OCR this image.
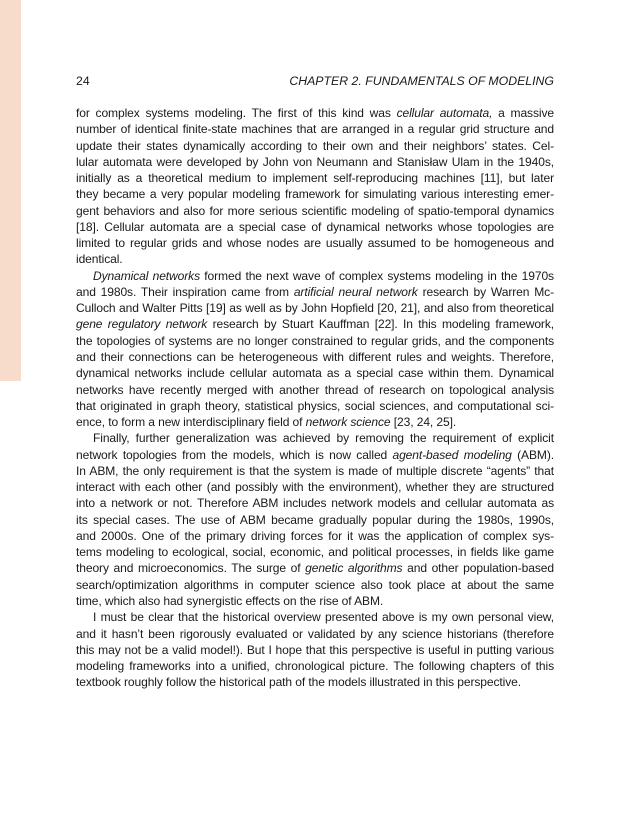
24	CHAPTER 2. FUNDAMENTALS OF MODELING
for complex systems modeling. The first of this kind was cellular automata, a massive
number of identical finite-state machines that are arranged in a regular grid structure and
update their states dynamically according to their own and their neighbors’ states. Cel-
lular automata were developed by John von Neumann and Stanisław Ulam in the 1940s,
initially as a theoretical medium to implement self-reproducing machines [11], but later
they became a very popular modeling framework for simulating various interesting emer-
gent behaviors and also for more serious scientific modeling of spatio-temporal dynamics
[18]. Cellular automata are a special case of dynamical networks whose topologies are
limited to regular grids and whose nodes are usually assumed to be homogeneous and
identical.
Dynamical networks formed the next wave of complex systems modeling in the 1970s
and 1980s. Their inspiration came from artificial neural network research by Warren Mc-
Culloch and Walter Pitts [19] as well as by John Hopfield [20, 21], and also from theoretical
gene regulatory network research by Stuart Kauffman [22]. In this modeling framework,
the topologies of systems are no longer constrained to regular grids, and the components
and their connections can be heterogeneous with different rules and weights. Therefore,
dynamical networks include cellular automata as a special case within them. Dynamical
networks have recently merged with another thread of research on topological analysis
that originated in graph theory, statistical physics, social sciences, and computational sci-
ence, to form a new interdisciplinary field of network science [23, 24, 25].
Finally, further generalization was achieved by removing the requirement of explicit
network topologies from the models, which is now called agent-based modeling (ABM).
In ABM, the only requirement is that the system is made of multiple discrete “agents” that
interact with each other (and possibly with the environment), whether they are structured
into a network or not. Therefore ABM includes network models and cellular automata as
its special cases. The use of ABM became gradually popular during the 1980s, 1990s,
and 2000s. One of the primary driving forces for it was the application of complex sys-
tems modeling to ecological, social, economic, and political processes, in fields like game
theory and microeconomics. The surge of genetic algorithms and other population-based
search/optimization algorithms in computer science also took place at about the same
time, which also had synergistic effects on the rise of ABM.
I must be clear that the historical overview presented above is my own personal view,
and it hasn’t been rigorously evaluated or validated by any science historians (therefore
this may not be a valid model!). But I hope that this perspective is useful in putting various
modeling frameworks into a unified, chronological picture. The following chapters of this
textbook roughly follow the historical path of the models illustrated in this perspective.
